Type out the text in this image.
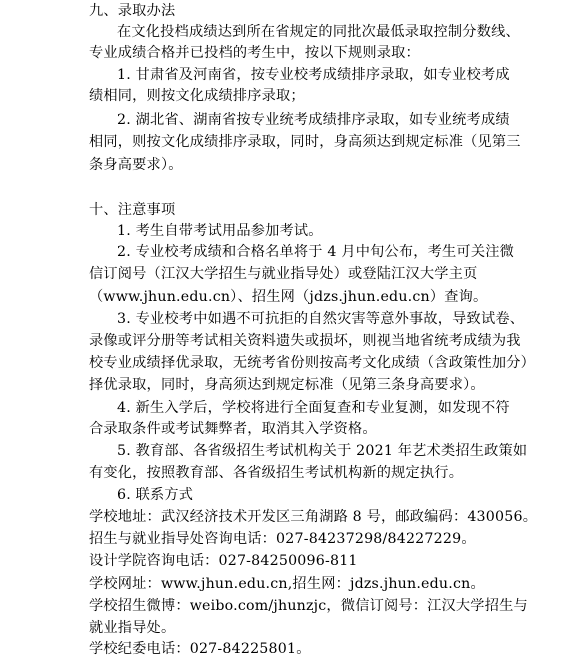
九、录取办法
在文化投档成绩达到所在省规定的同批次最低录取控制分数线、
专业成绩合格并已投档的考生中，按以下规则录取：
1. 甘肃省及河南省，按专业校考成绩排序录取，如专业校考成
绩相同，则按文化成绩排序录取；
2. 湖北省、湖南省按专业统考成绩排序录取，如专业统考成绩
相同，则按文化成绩排序录取，同时，身高须达到规定标准（见第三
条身高要求）。
十、注意事项
1. 考生自带考试用品参加考试。
2. 专业校考成绩和合格名单将于 4 月中旬公布，考生可关注微
信订阅号（江汉大学招生与就业指导处）或登陆江汉大学主页
（www.jhun.edu.cn）、招生网（jdzs.jhun.edu.cn）查询。
3. 专业校考中如遇不可抗拒的自然灾害等意外事故，导致试卷、
录像或评分册等考试相关资料遗失或损坏，则视当地省统考成绩为我
校专业成绩择优录取，无统考省份则按高考文化成绩（含政策性加分）
择优录取，同时，身高须达到规定标准（见第三条身高要求）。
4. 新生入学后，学校将进行全面复查和专业复测，如发现不符
合录取条件或考试舞弊者，取消其入学资格。
5. 教育部、各省级招生考试机构关于 2021 年艺术类招生政策如
有变化，按照教育部、各省级招生考试机构新的规定执行。
6. 联系方式
学校地址：武汉经济技术开发区三角湖路 8 号，邮政编码：430056。
招生与就业指导处咨询电话：027-84237298/84227229。
设计学院咨询电话：027-84250096-811
学校网址：www.jhun.edu.cn,招生网：jdzs.jhun.edu.cn。
学校招生微博：weibo.com/jhunzjc，微信订阅号：江汉大学招生与
就业指导处。
学校纪委电话：027-84225801。
